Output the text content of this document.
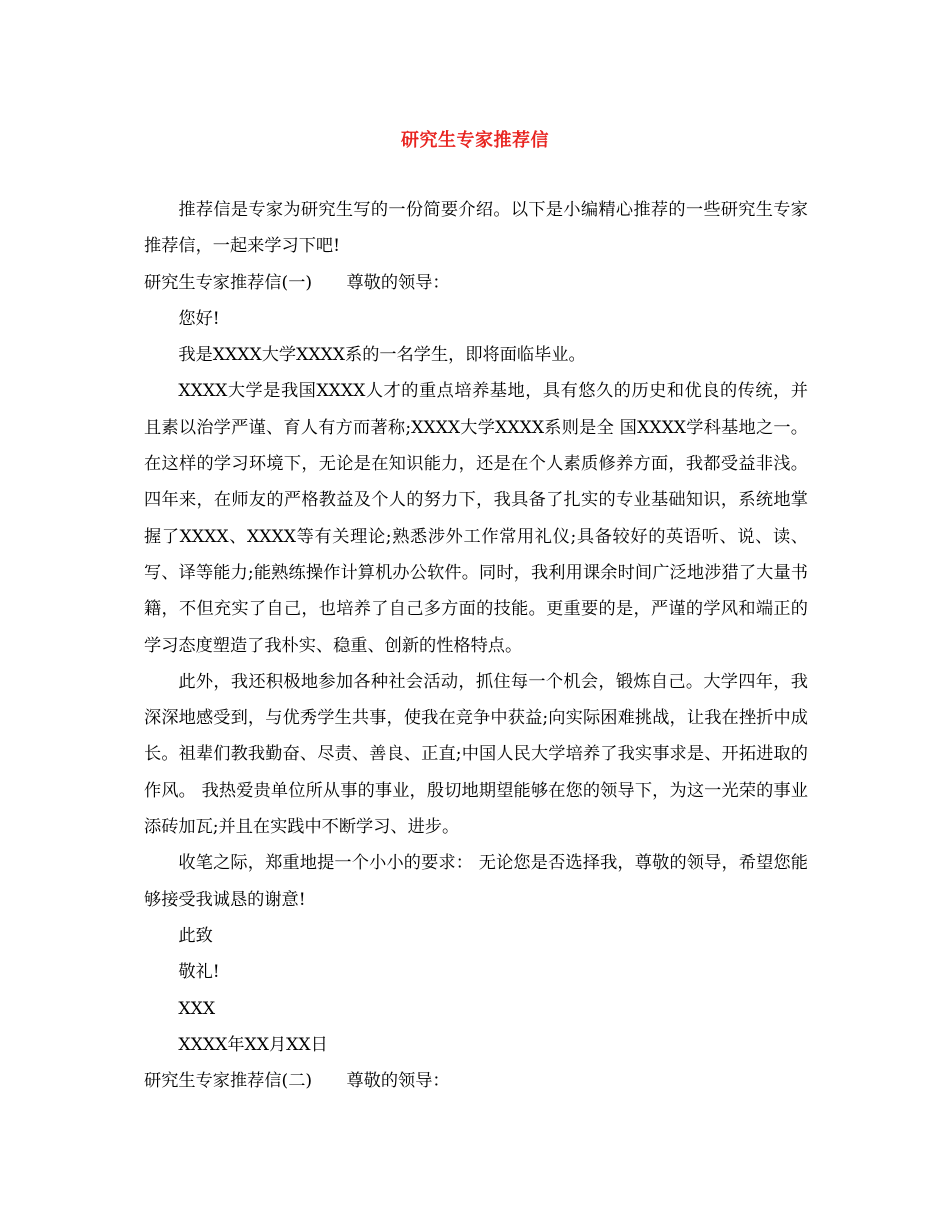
研究生专家推荐信

推荐信是专家为研究生写的一份简要介绍。以下是小编精心推荐的一些研究生专家推荐信，一起来学习下吧!

研究生专家推荐信(一)　　尊敬的领导：

您好!

我是XXXX大学XXXX系的一名学生，即将面临毕业。

XXXX大学是我国XXXX人才的重点培养基地，具有悠久的历史和优良的传统，并且素以治学严谨、育人有方而著称;XXXX大学XXXX系则是全 国XXXX学科基地之一。在这样的学习环境下，无论是在知识能力，还是在个人素质修养方面，我都受益非浅。 四年来，在师友的严格教益及个人的努力下，我具备了扎实的专业基础知识，系统地掌握了XXXX、XXXX等有关理论;熟悉涉外工作常用礼仪;具备较好的英语听、说、读、写、译等能力;能熟练操作计算机办公软件。同时，我利用课余时间广泛地涉猎了大量书籍，不但充实了自己，也培养了自己多方面的技能。更重要的是，严谨的学风和端正的学习态度塑造了我朴实、稳重、创新的性格特点。

此外，我还积极地参加各种社会活动，抓住每一个机会，锻炼自己。大学四年，我深深地感受到，与优秀学生共事，使我在竞争中获益;向实际困难挑战，让我在挫折中成长。祖辈们教我勤奋、尽责、善良、正直;中国人民大学培养了我实事求是、开拓进取的作风。 我热爱贵单位所从事的事业，殷切地期望能够在您的领导下，为这一光荣的事业添砖加瓦;并且在实践中不断学习、进步。

收笔之际，郑重地提一个小小的要求： 无论您是否选择我，尊敬的领导，希望您能够接受我诚恳的谢意!

此致

敬礼!

XXX

XXXX年XX月XX日

研究生专家推荐信(二)　　尊敬的领导：
